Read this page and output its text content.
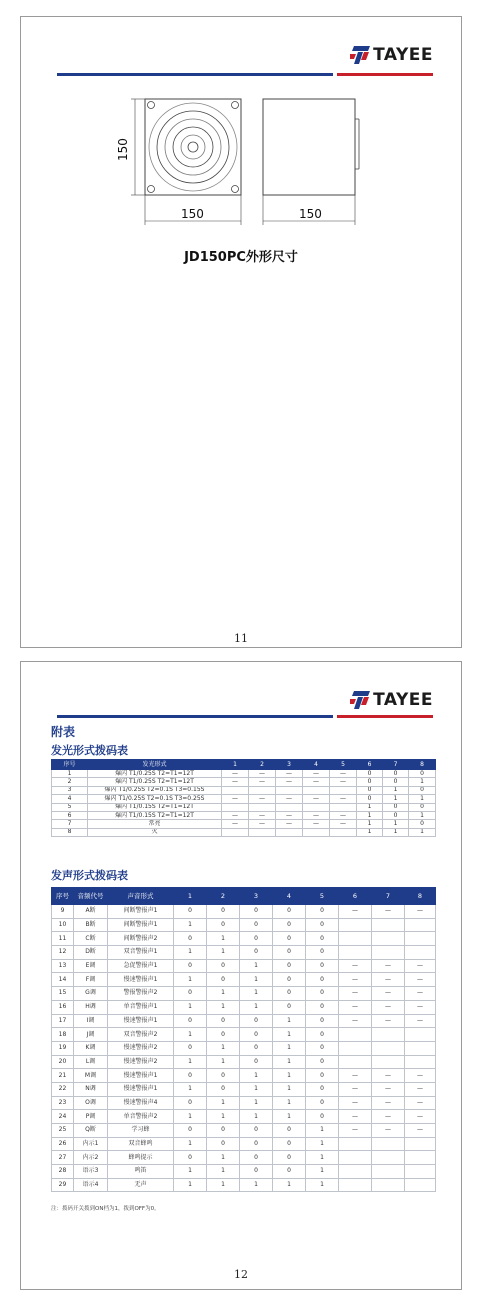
TAYEE
150
150	150
JD150PC外形尺寸
11
TAYEE
附表
发光形式拨码表
序号	发光形式	1	2	3	4	5	6	7	8
1	爆闪 T1/0.25S T2=T1=12T	—	—	—	—	—	0	0	0
2	爆闪 T1/0.25S T2=T1=12T	—	—	—	—	—	0	0	1
3	爆闪 T1/0.25S T2=0.1S T3=0.15S						0	1	0
4	爆闪 T1/0.25S T2=0.1S T3=0.25S	—	—	—	—	—	0	1	1
5	爆闪 T1/0.15S T2=T1=12T						1	0	0
6	爆闪 T1/0.15S T2=T1=12T	—	—	—	—	—	1	0	1
7	常亮	—	—	—	—	—	1	1	0
8	灭						1	1	1
发声形式拨码表
序号	音频代号	声音形式	1	2	3	4	5	6	7	8
9	A断	间断警报声1	0	0	0	0	0	—	—	—
10	B断	间断警报声1	1	0	0	0	0			
11	C断	间断警报声2	0	1	0	0	0			
12	D断	双音警报声1	1	1	0	0	0			
13	E调	急促警报声1	0	0	1	0	0	—	—	—
14	F调	慢速警报声1	1	0	1	0	0	—	—	—
15	G调	警报警报声2	0	1	1	0	0	—	—	—
16	H调	单音警报声1	1	1	1	0	0	—	—	—
17	I调	慢速警报声1	0	0	0	1	0	—	—	—
18	J调	双音警报声2	1	0	0	1	0			
19	K调	慢速警报声2	0	1	0	1	0			
20	L调	慢速警报声2	1	1	0	1	0			
21	M调	慢速警报声1	0	0	1	1	0	—	—	—
22	N调	慢速警报声1	1	0	1	1	0	—	—	—
23	O调	慢速警报声4	0	1	1	1	0	—	—	—
24	P调	单音警报声2	1	1	1	1	0	—	—	—
25	Q断	学习蜂	0	0	0	0	1	—	—	—
26	内示1	双音蜂鸣	1	0	0	0	1			
27	内示2	蜂鸣提示	0	1	0	0	1			
28	语示3	鸣笛	1	1	0	0	1			
29	语示4	无声	1	1	1	1	1			
注：拨码开关拨到ON档为1，拨到OFF为0。
12
